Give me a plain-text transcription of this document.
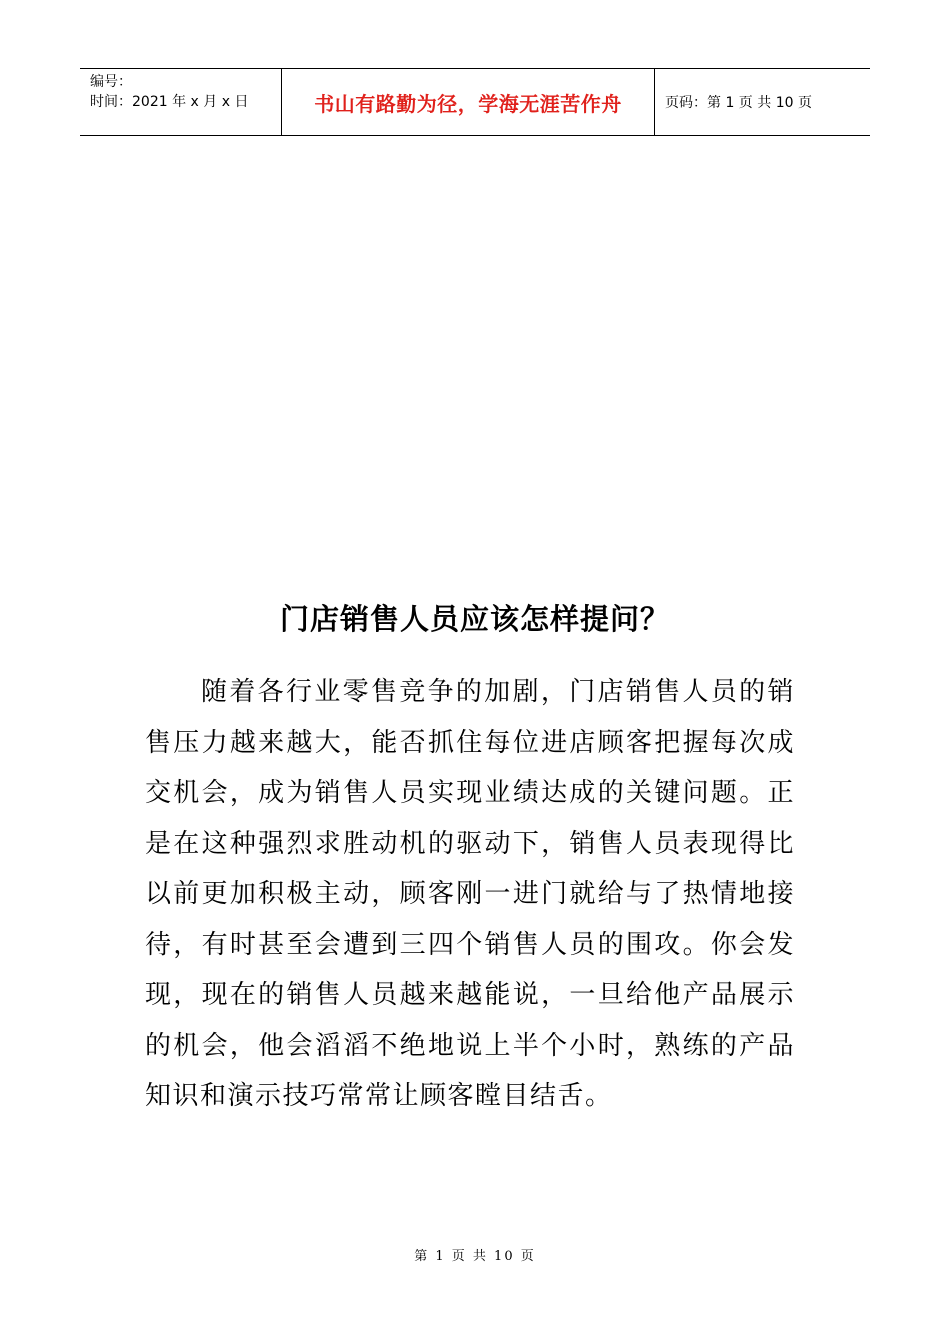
编号：
时间：2021 年 x 月 x 日	书山有路勤为径，学海无涯苦作舟	页码：第 1 页 共 10 页
门店销售人员应该怎样提问？

随着各行业零售竞争的加剧，门店销售人员的销售压力越来越大，能否抓住每位进店顾客把握每次成交机会，成为销售人员实现业绩达成的关键问题。正是在这种强烈求胜动机的驱动下，销售人员表现得比以前更加积极主动，顾客刚一进门就给与了热情地接待，有时甚至会遭到三四个销售人员的围攻。你会发现，现在的销售人员越来越能说，一旦给他产品展示的机会，他会滔滔不绝地说上半个小时，熟练的产品知识和演示技巧常常让顾客瞠目结舌。

第 1 页 共 10 页
